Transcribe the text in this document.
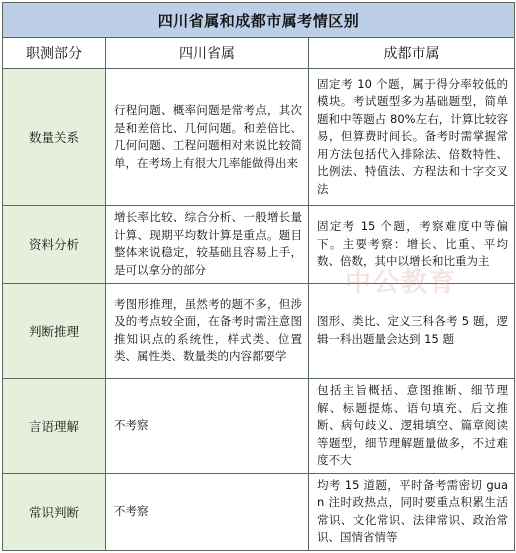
四川省属和成都市属考情区别		
职测部分	四川省属	成都市属
数量关系	行程问题、概率问题是常考点，其次是和差倍比、几何问题。和差倍比、几何问题、工程问题相对来说比较简单，在考场上有很大几率能做得出来	固定考 10 个题，属于得分率较低的模块。考试题型多为基础题型，简单题和中等题占 80%左右，计算比较容易，但算费时间长。备考时需掌握常用方法包括代入排除法、倍数特性、比例法、特值法、方程法和十字交叉法
资料分析	增长率比较、综合分析、一般增长量计算、现期平均数计算是重点。题目整体来说稳定，较基础且容易上手，是可以拿分的部分	固定考 15 个题，考察难度中等偏下。主要考察：增长、比重、平均数、倍数，其中以增长和比重为主
判断推理	考图形推理，虽然考的题不多，但涉及的考点较全面，在备考时需注意图推知识点的系统性，样式类、位置类、属性类、数量类的内容都要学	图形、类比、定义三科各考 5 题，逻辑一科出题量会达到 15 题
言语理解	不考察	包括主旨概括、意图推断、细节理解、标题提炼、语句填充、后文推断、病句歧义、逻辑填空、篇章阅读等题型，细节理解题量做多，不过难度不大
常识判断	不考察	均考 15 道题，平时备考需密切 guan 注时政热点，同时要重点积累生活常识、文化常识、法律常识、政治常识、国情省情等
中公教育
